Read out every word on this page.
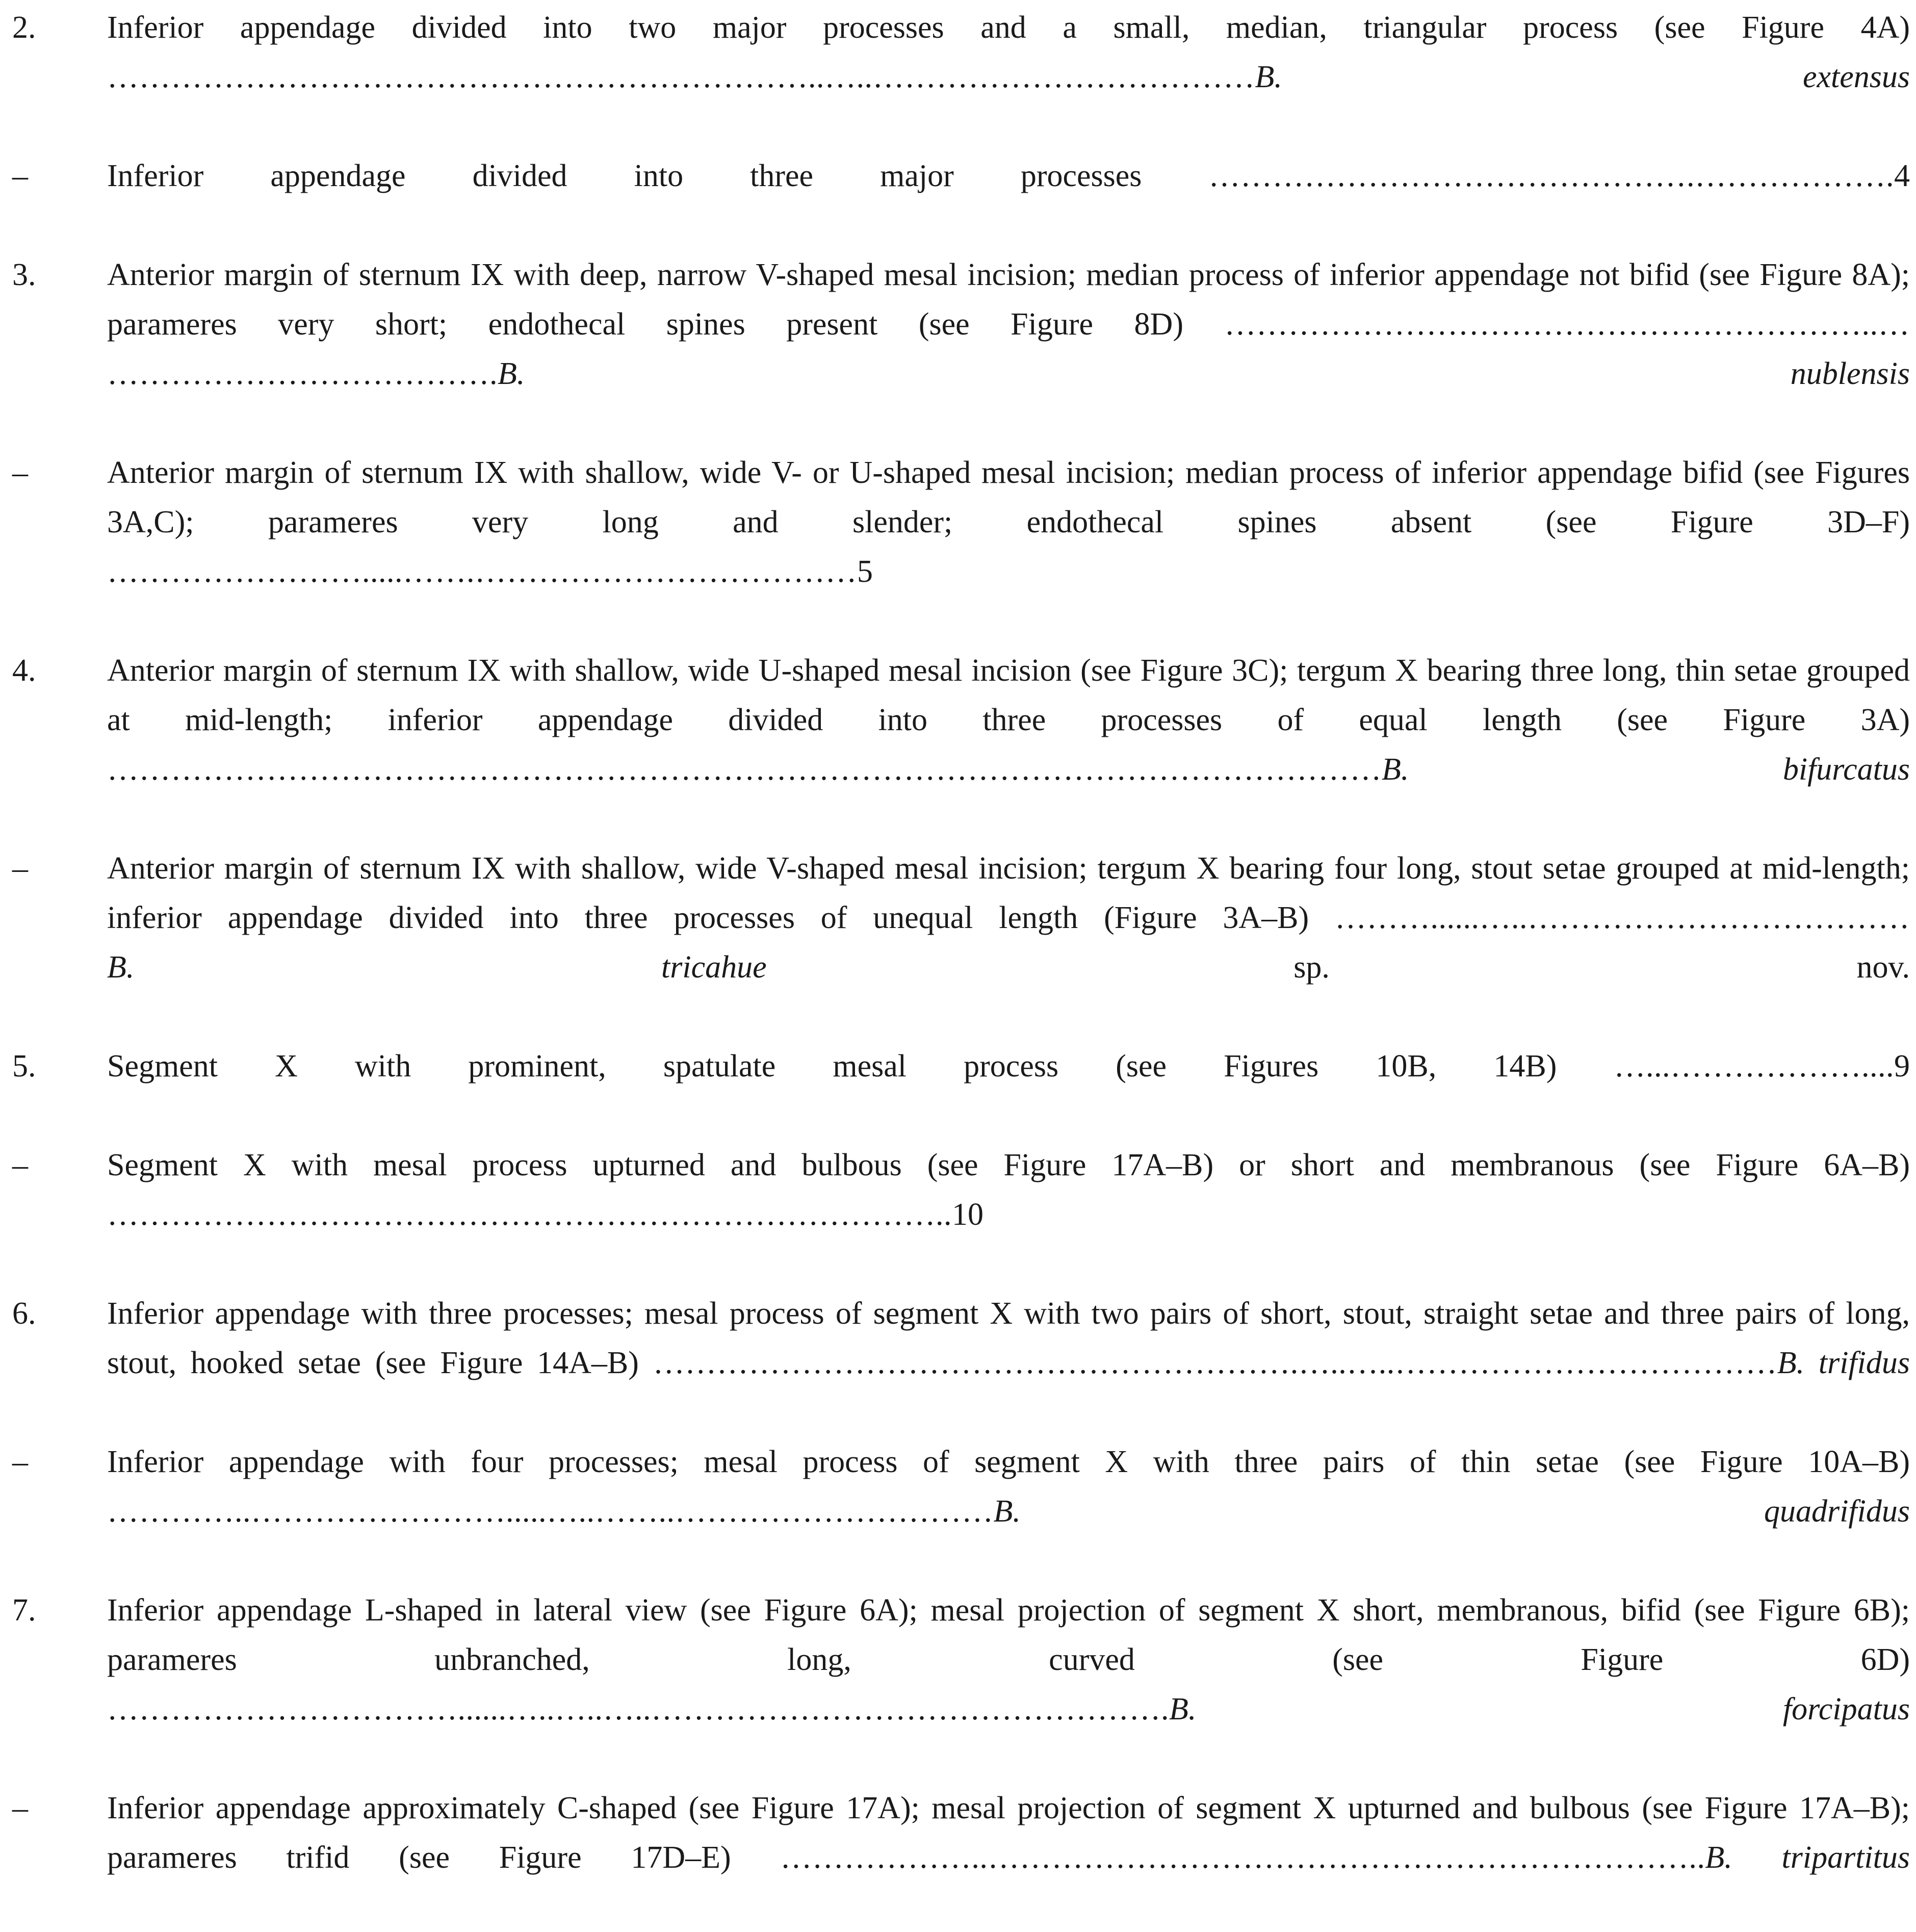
2.	Inferior appendage divided into two major processes and a small, median, triangular process (see Figure 4A) …………………………………………………………..…..………………………………B. extensus
–	Inferior appendage divided into three major processes ……………………………………….……………….4
3.	Anterior margin of sternum IX with deep, narrow V-shaped mesal incision; median process of inferior appendage not bifid (see Figure 8A); parameres very short; endothecal spines present (see Figure 8D) ……………………………………………………..… ……………………………….B. nublensis
–	Anterior margin of sternum IX with shallow, wide V- or U-shaped mesal incision; median process of inferior appendage bifid (see Figures 3A,C); parameres very long and slender; endothecal spines absent (see Figure 3D–F) …………………….....…….………………………………5
4.	Anterior margin of sternum IX with shallow, wide U-shaped mesal incision (see Figure 3C); tergum X bearing three long, thin setae grouped at mid-length; inferior appendage divided into three processes of equal length (see Figure 3A) …………………………………………………………………………………………………………B. bifurcatus
–	Anterior margin of sternum IX with shallow, wide V-shaped mesal incision; tergum X bearing four long, stout setae grouped at mid-length; inferior appendage divided into three processes of unequal length (Figure 3A–B) ………......…..………………………………B. tricahue sp. nov.
5.	Segment X with prominent, spatulate mesal process (see Figures 10B, 14B) …...………………....9
–	Segment X with mesal process upturned and bulbous (see Figure 17A–B) or short and membranous (see Figure 6A–B) ……………………………………………………………………..10
6.	Inferior appendage with three processes; mesal process of segment X with two pairs of short, stout, straight setae and three pairs of long, stout, hooked setae (see Figure 14A–B) …………………………………………………….…..…..………………………………B. trifidus
–	Inferior appendage with four processes; mesal process of segment X with three pairs of thin setae (see Figure 10A–B) …………..…………………….....…..……..…………………………B. quadrifidus
7.	Inferior appendage L-shaped in lateral view (see Figure 6A); mesal projection of segment X short, membranous, bifid (see Figure 6B); parameres unbranched, long, curved (see Figure 6D) ……………………………......…..…..…..………………………………………….B. forcipatus
–	Inferior appendage approximately C-shaped (see Figure 17A); mesal projection of segment X upturned and bulbous (see Figure 17A–B); parameres trifid (see Figure 17D–E) ………………..…………………………………………………………..B. tripartitus
